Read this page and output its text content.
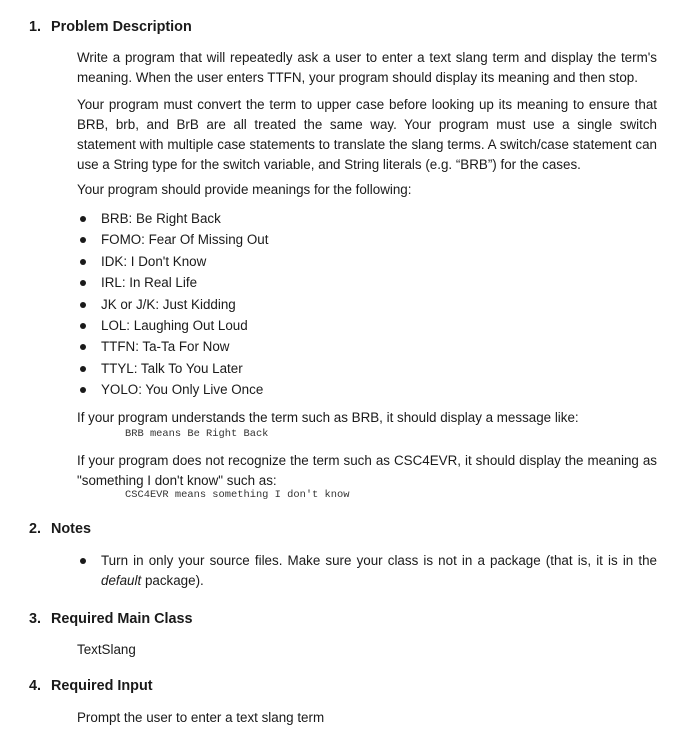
1. Problem Description
Write a program that will repeatedly ask a user to enter a text slang term and display the term's meaning. When the user enters TTFN, your program should display its meaning and then stop.
Your program must convert the term to upper case before looking up its meaning to ensure that BRB, brb, and BrB are all treated the same way. Your program must use a single switch statement with multiple case statements to translate the slang terms. A switch/case statement can use a String type for the switch variable, and String literals (e.g. “BRB”) for the cases.
Your program should provide meanings for the following:
BRB: Be Right Back
FOMO: Fear Of Missing Out
IDK: I Don't Know
IRL: In Real Life
JK or J/K: Just Kidding
LOL: Laughing Out Loud
TTFN: Ta-Ta For Now
TTYL: Talk To You Later
YOLO: You Only Live Once
If your program understands the term such as BRB, it should display a message like:
BRB means Be Right Back
If your program does not recognize the term such as CSC4EVR, it should display the meaning as "something I don't know" such as:
CSC4EVR means something I don't know
2. Notes
Turn in only your source files. Make sure your class is not in a package (that is, it is in the default package).
3. Required Main Class
TextSlang
4. Required Input
Prompt the user to enter a text slang term
